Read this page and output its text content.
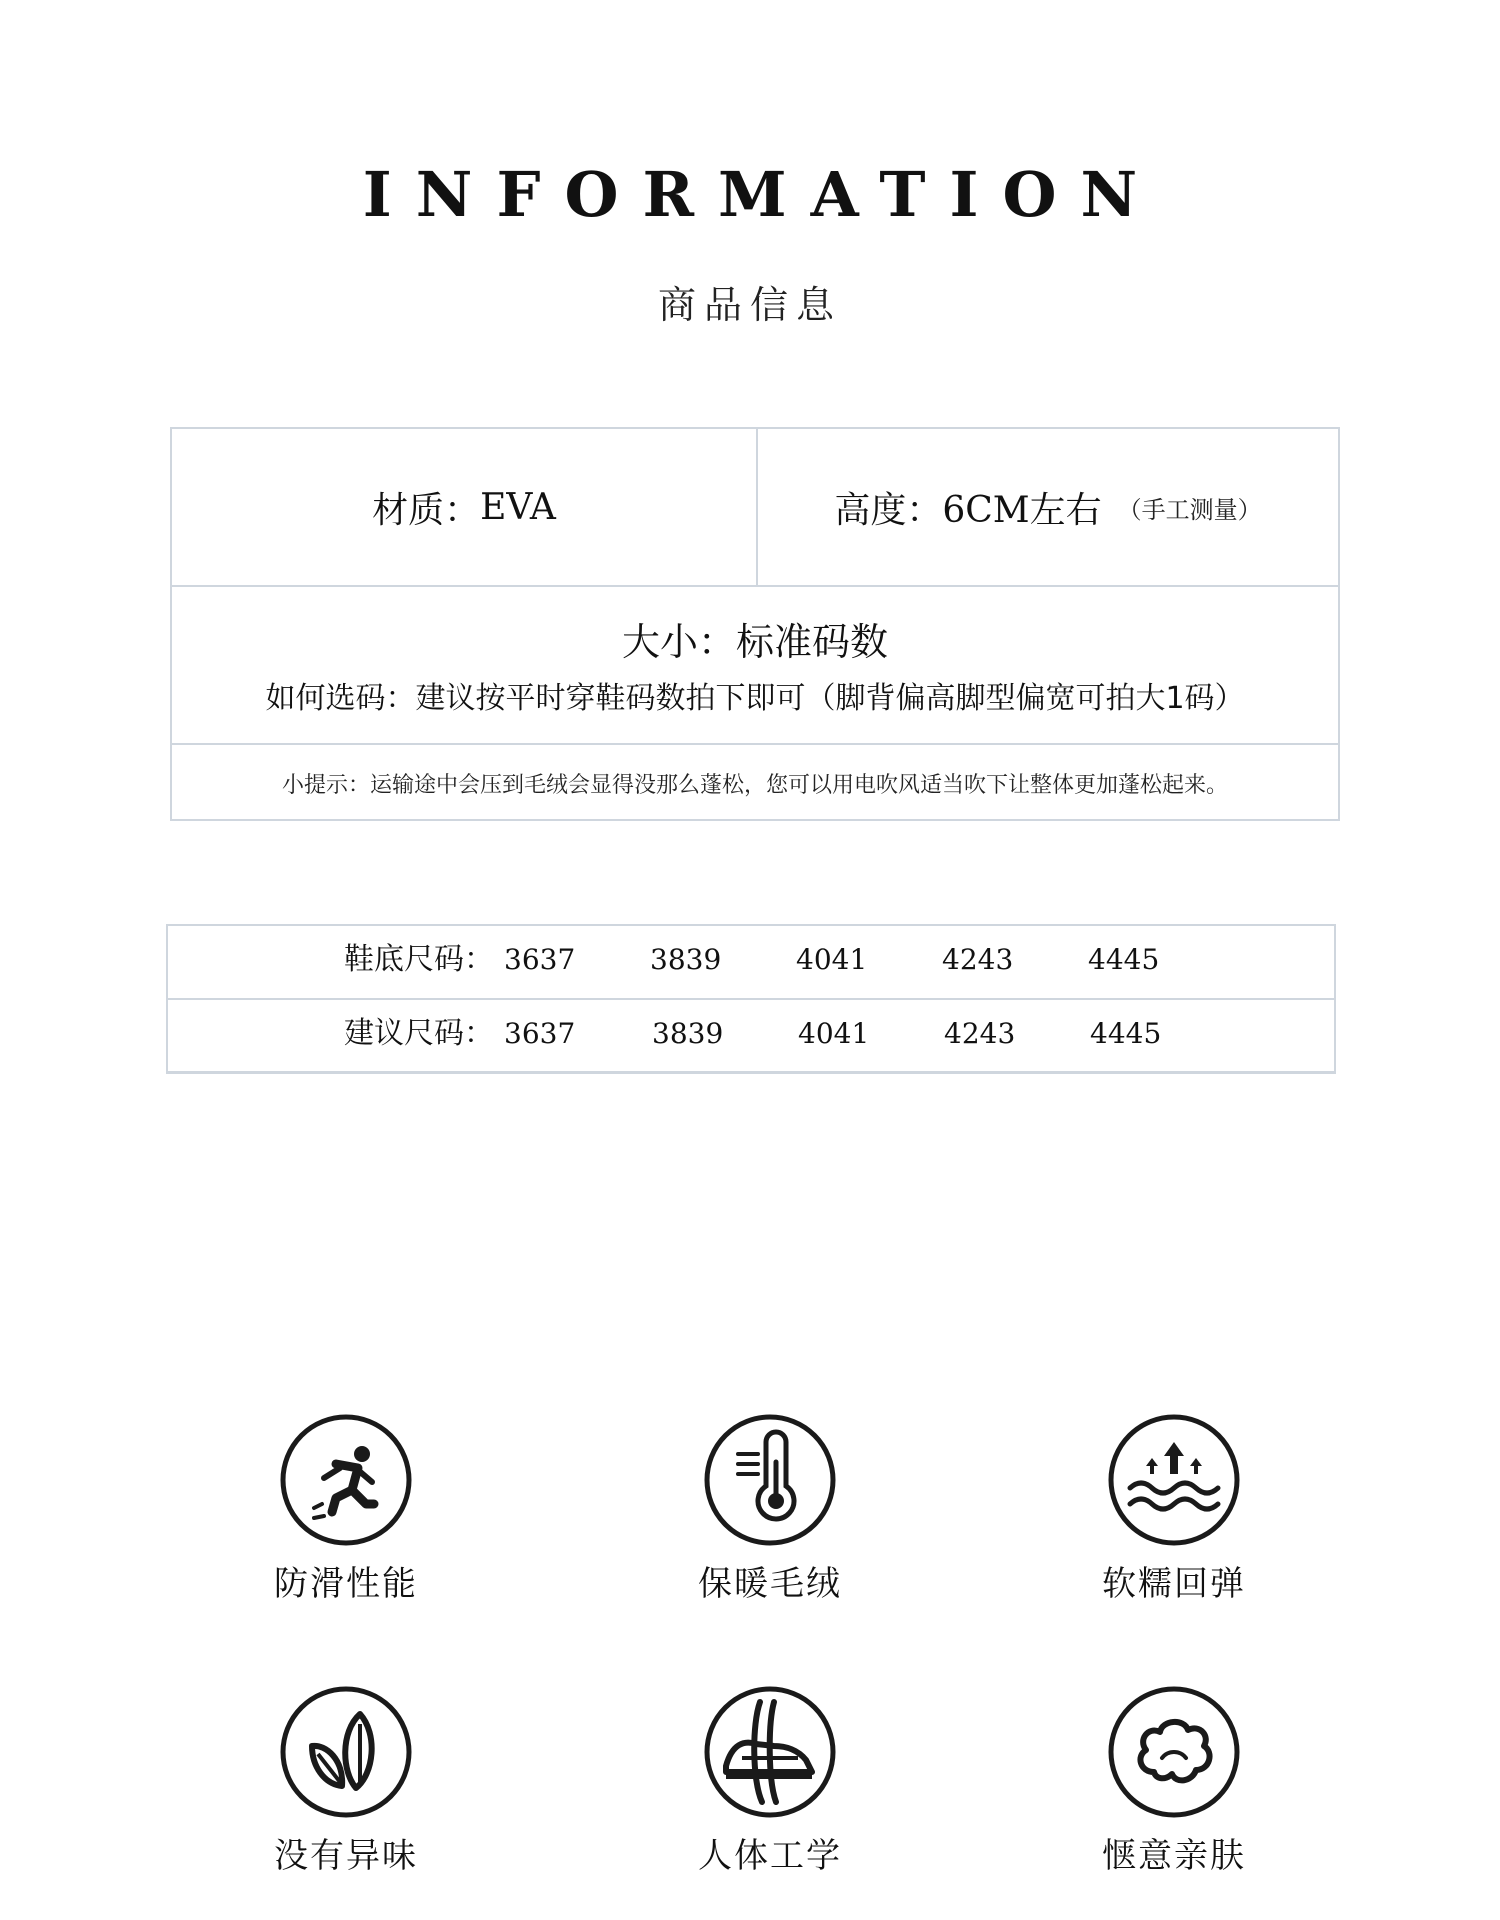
INFORMATION
商品信息
材质： EVA	高度： 6CM左右 （手工测量）
大小：标准码数
如何选码：建议按平时穿鞋码数拍下即可（脚背偏高脚型偏宽可拍大1码）
小提示：运输途中会压到毛绒会显得没那么蓬松，您可以用电吹风适当吹下让整体更加蓬松起来。
鞋底尺码： 3637	3839	4041	4243	4445
建议尺码： 3637	3839	4041	4243	4445
防滑性能	保暖毛绒	软糯回弹
没有异味	人体工学	惬意亲肤
